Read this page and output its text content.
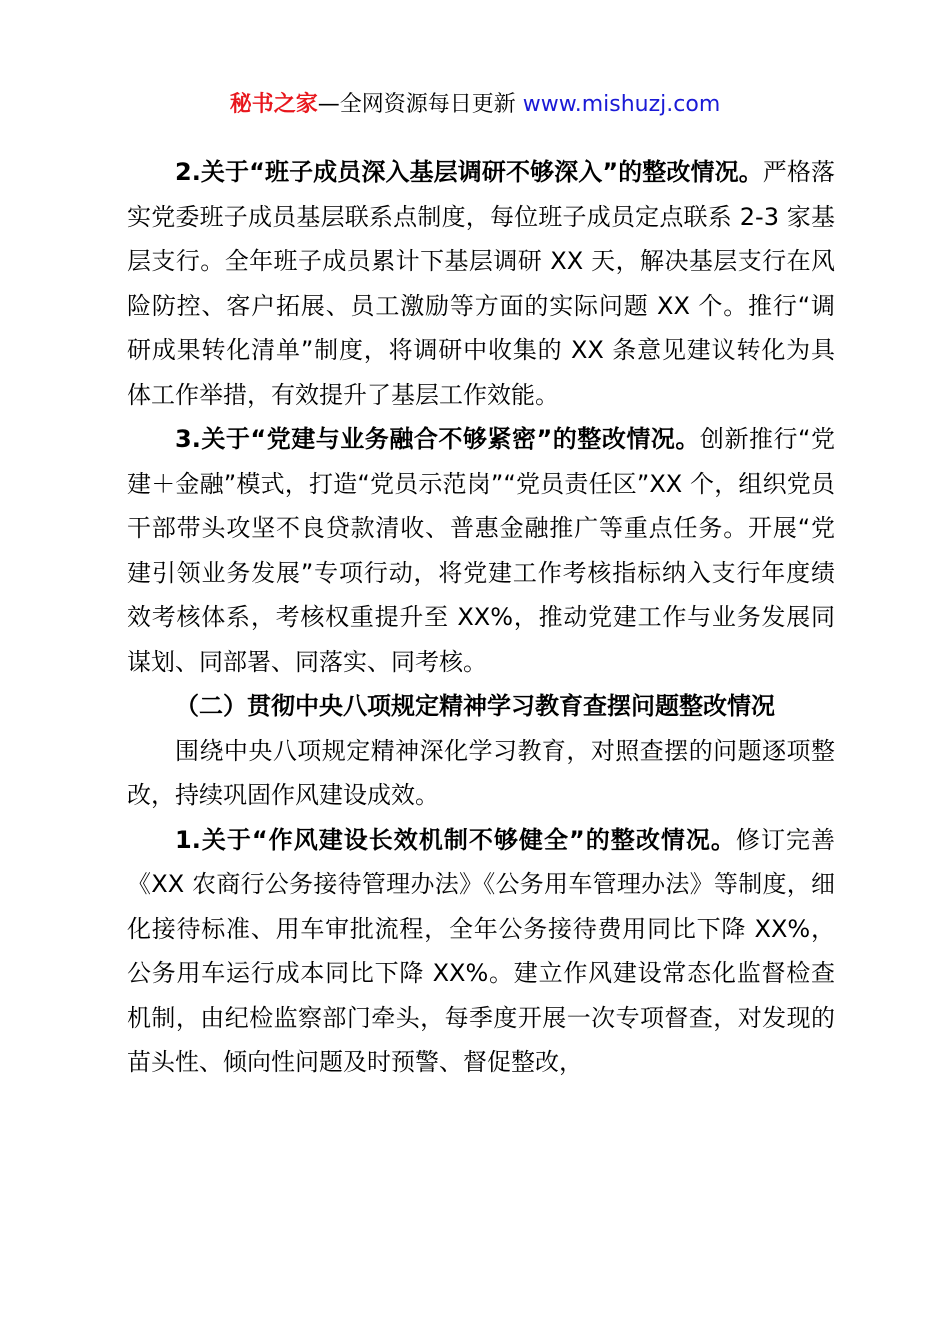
秘书之家—全网资源每日更新 www.mishuzj.com

2.关于“班子成员深入基层调研不够深入”的整改情况。严格落实党委班子成员基层联系点制度，每位班子成员定点联系 2-3 家基层支行。全年班子成员累计下基层调研 XX 天，解决基层支行在风险防控、客户拓展、员工激励等方面的实际问题 XX 个。推行“调研成果转化清单”制度，将调研中收集的 XX 条意见建议转化为具体工作举措，有效提升了基层工作效能。

3.关于“党建与业务融合不够紧密”的整改情况。创新推行“党建＋金融”模式，打造“党员示范岗”“党员责任区”XX 个，组织党员干部带头攻坚不良贷款清收、普惠金融推广等重点任务。开展“党建引领业务发展”专项行动，将党建工作考核指标纳入支行年度绩效考核体系，考核权重提升至 XX%，推动党建工作与业务发展同谋划、同部署、同落实、同考核。

（二）贯彻中央八项规定精神学习教育查摆问题整改情况

围绕中央八项规定精神深化学习教育，对照查摆的问题逐项整改，持续巩固作风建设成效。

1.关于“作风建设长效机制不够健全”的整改情况。修订完善《XX 农商行公务接待管理办法》《公务用车管理办法》等制度，细化接待标准、用车审批流程，全年公务接待费用同比下降 XX%，公务用车运行成本同比下降 XX%。建立作风建设常态化监督检查机制，由纪检监察部门牵头，每季度开展一次专项督查，对发现的苗头性、倾向性问题及时预警、督促整改，
